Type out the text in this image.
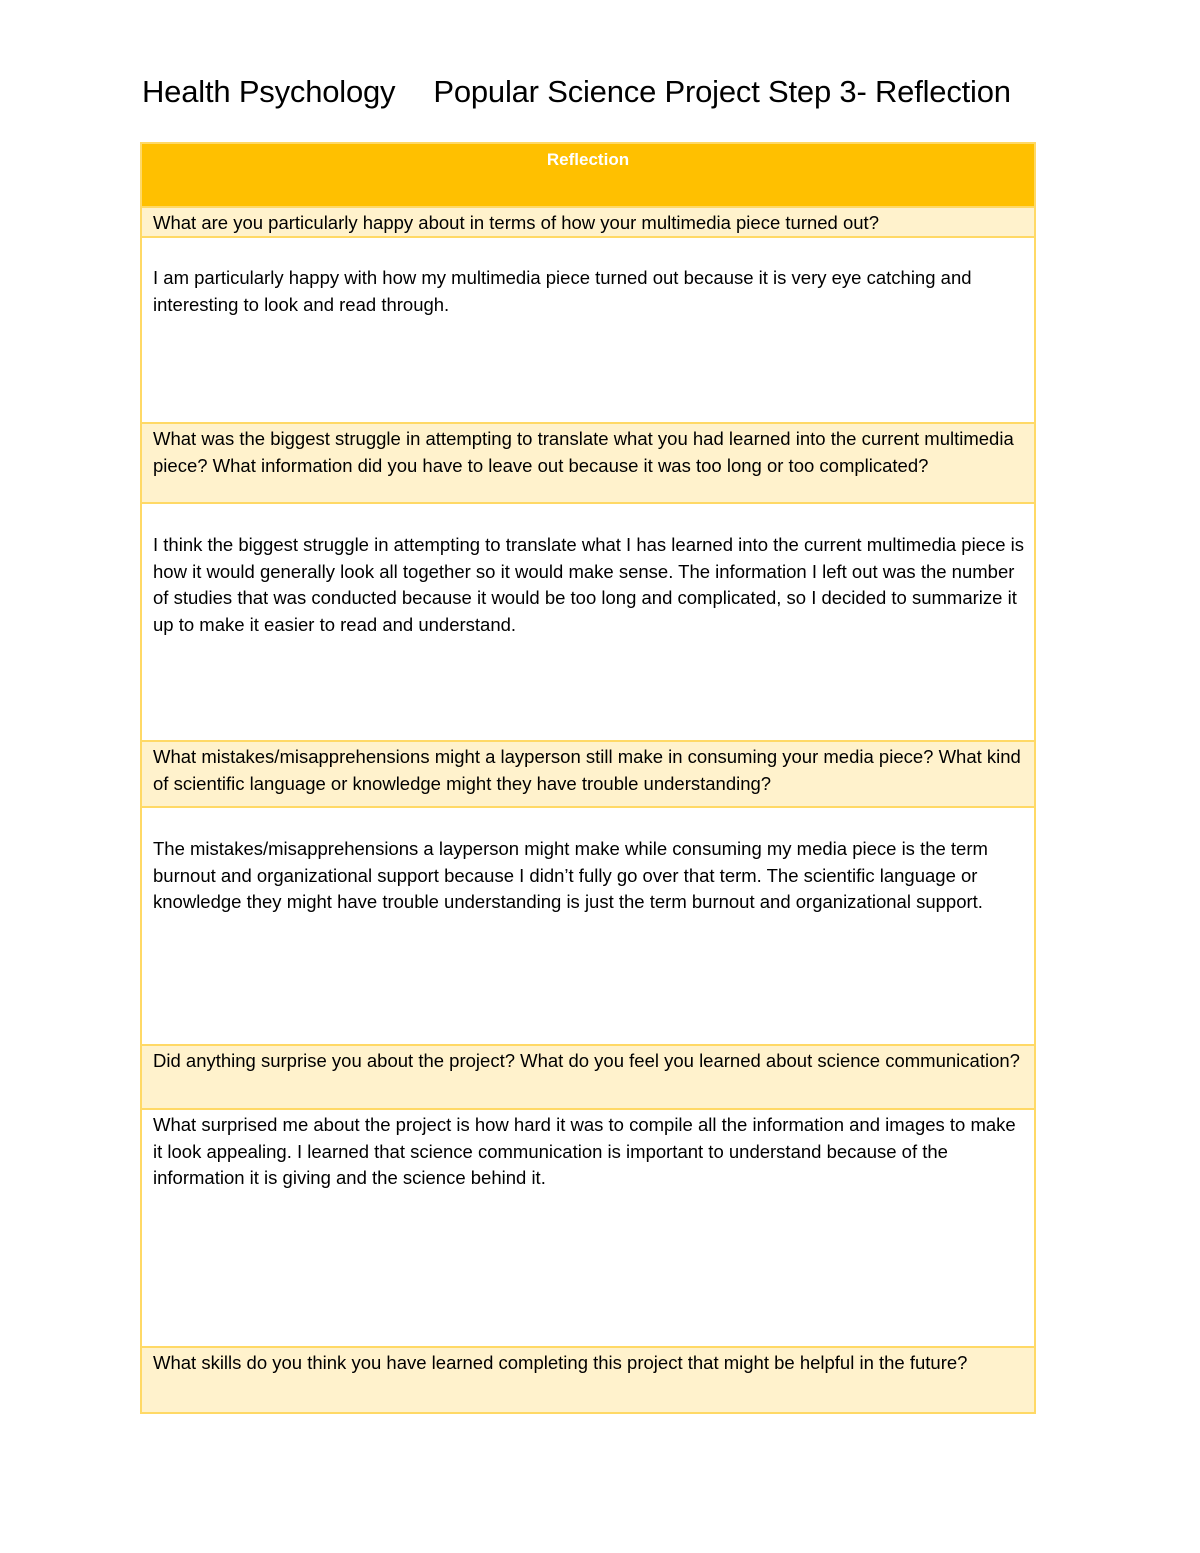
Health Psychology Popular Science Project Step 3- Reflection
Reflection
What are you particularly happy about in terms of how your multimedia piece turned out?
I am particularly happy with how my multimedia piece turned out because it is very eye catching and interesting to look and read through.
What was the biggest struggle in attempting to translate what you had learned into the current multimedia piece? What information did you have to leave out because it was too long or too complicated?
I think the biggest struggle in attempting to translate what I has learned into the current multimedia piece is how it would generally look all together so it would make sense. The information I left out was the number of studies that was conducted because it would be too long and complicated, so I decided to summarize it up to make it easier to read and understand.
What mistakes/misapprehensions might a layperson still make in consuming your media piece? What kind of scientific language or knowledge might they have trouble understanding?
The mistakes/misapprehensions a layperson might make while consuming my media piece is the term burnout and organizational support because I didn’t fully go over that term. The scientific language or knowledge they might have trouble understanding is just the term burnout and organizational support.
Did anything surprise you about the project? What do you feel you learned about science communication?
What surprised me about the project is how hard it was to compile all the information and images to make it look appealing. I learned that science communication is important to understand because of the information it is giving and the science behind it.
What skills do you think you have learned completing this project that might be helpful in the future?
